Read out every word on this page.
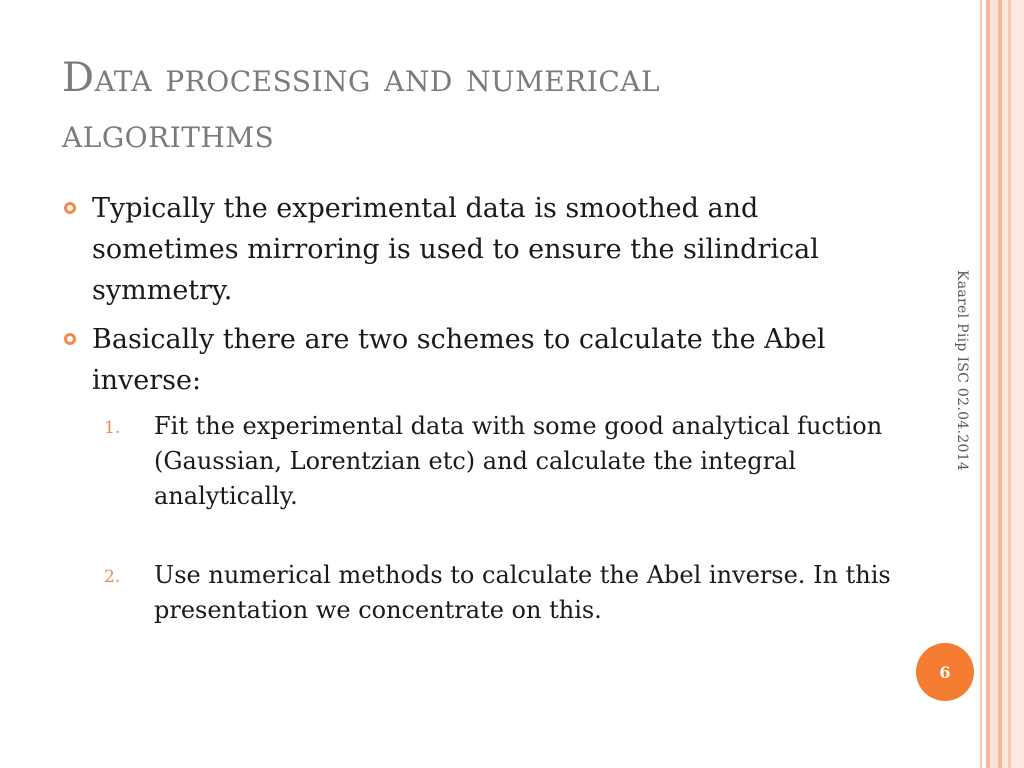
Data processing and numerical algorithms
Typically the experimental data is smoothed and sometimes mirroring is used to ensure the silindrical symmetry.
Basically there are two schemes to calculate the Abel inverse:
1. Fit the experimental data with some good analytical fuction (Gaussian, Lorentzian etc) and calculate the integral analytically.
2. Use numerical methods to calculate the Abel inverse. In this presentation we concentrate on this.
Kaarel Piip ISC 02.04.2014
6
